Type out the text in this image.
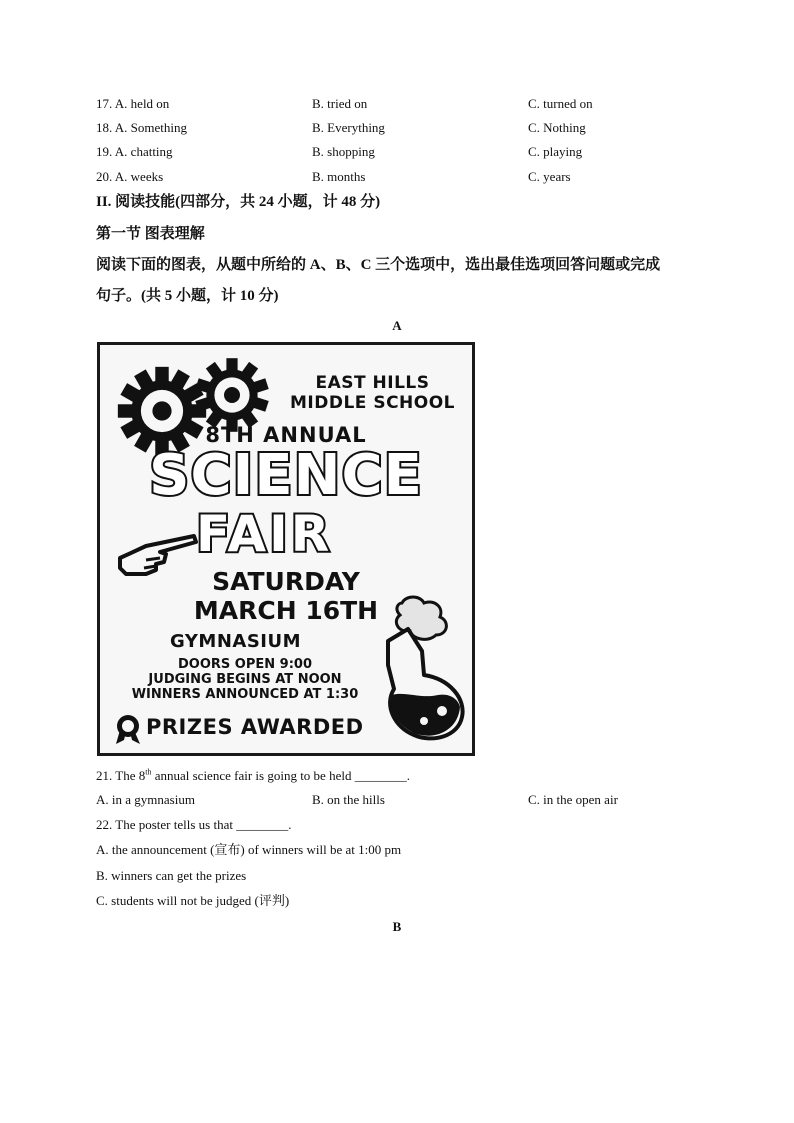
17. A. held on	B. tried on	C. turned on
18. A. Something	B. Everything	C. Nothing
19. A. chatting	B. shopping	C. playing
20. A. weeks	B. months	C. years
II. 阅读技能(四部分，共 24 小题，计 48 分)
第一节 图表理解
阅读下面的图表，从题中所给的 A、B、C 三个选项中，选出最佳选项回答问题或完成
句子。(共 5 小题，计 10 分)
A
EAST HILLS
MIDDLE SCHOOL
8TH ANNUAL
SCIENCE
FAIR
SATURDAY
MARCH 16TH
GYMNASIUM
DOORS OPEN 9:00
JUDGING BEGINS AT NOON
WINNERS ANNOUNCED AT 1:30
PRIZES AWARDED
21. The 8th annual science fair is going to be held ________.
A. in a gymnasium	B. on the hills	C. in the open air
22. The poster tells us that ________.
A. the announcement (宣布) of winners will be at 1:00 pm
B. winners can get the prizes
C. students will not be judged (评判)
B
